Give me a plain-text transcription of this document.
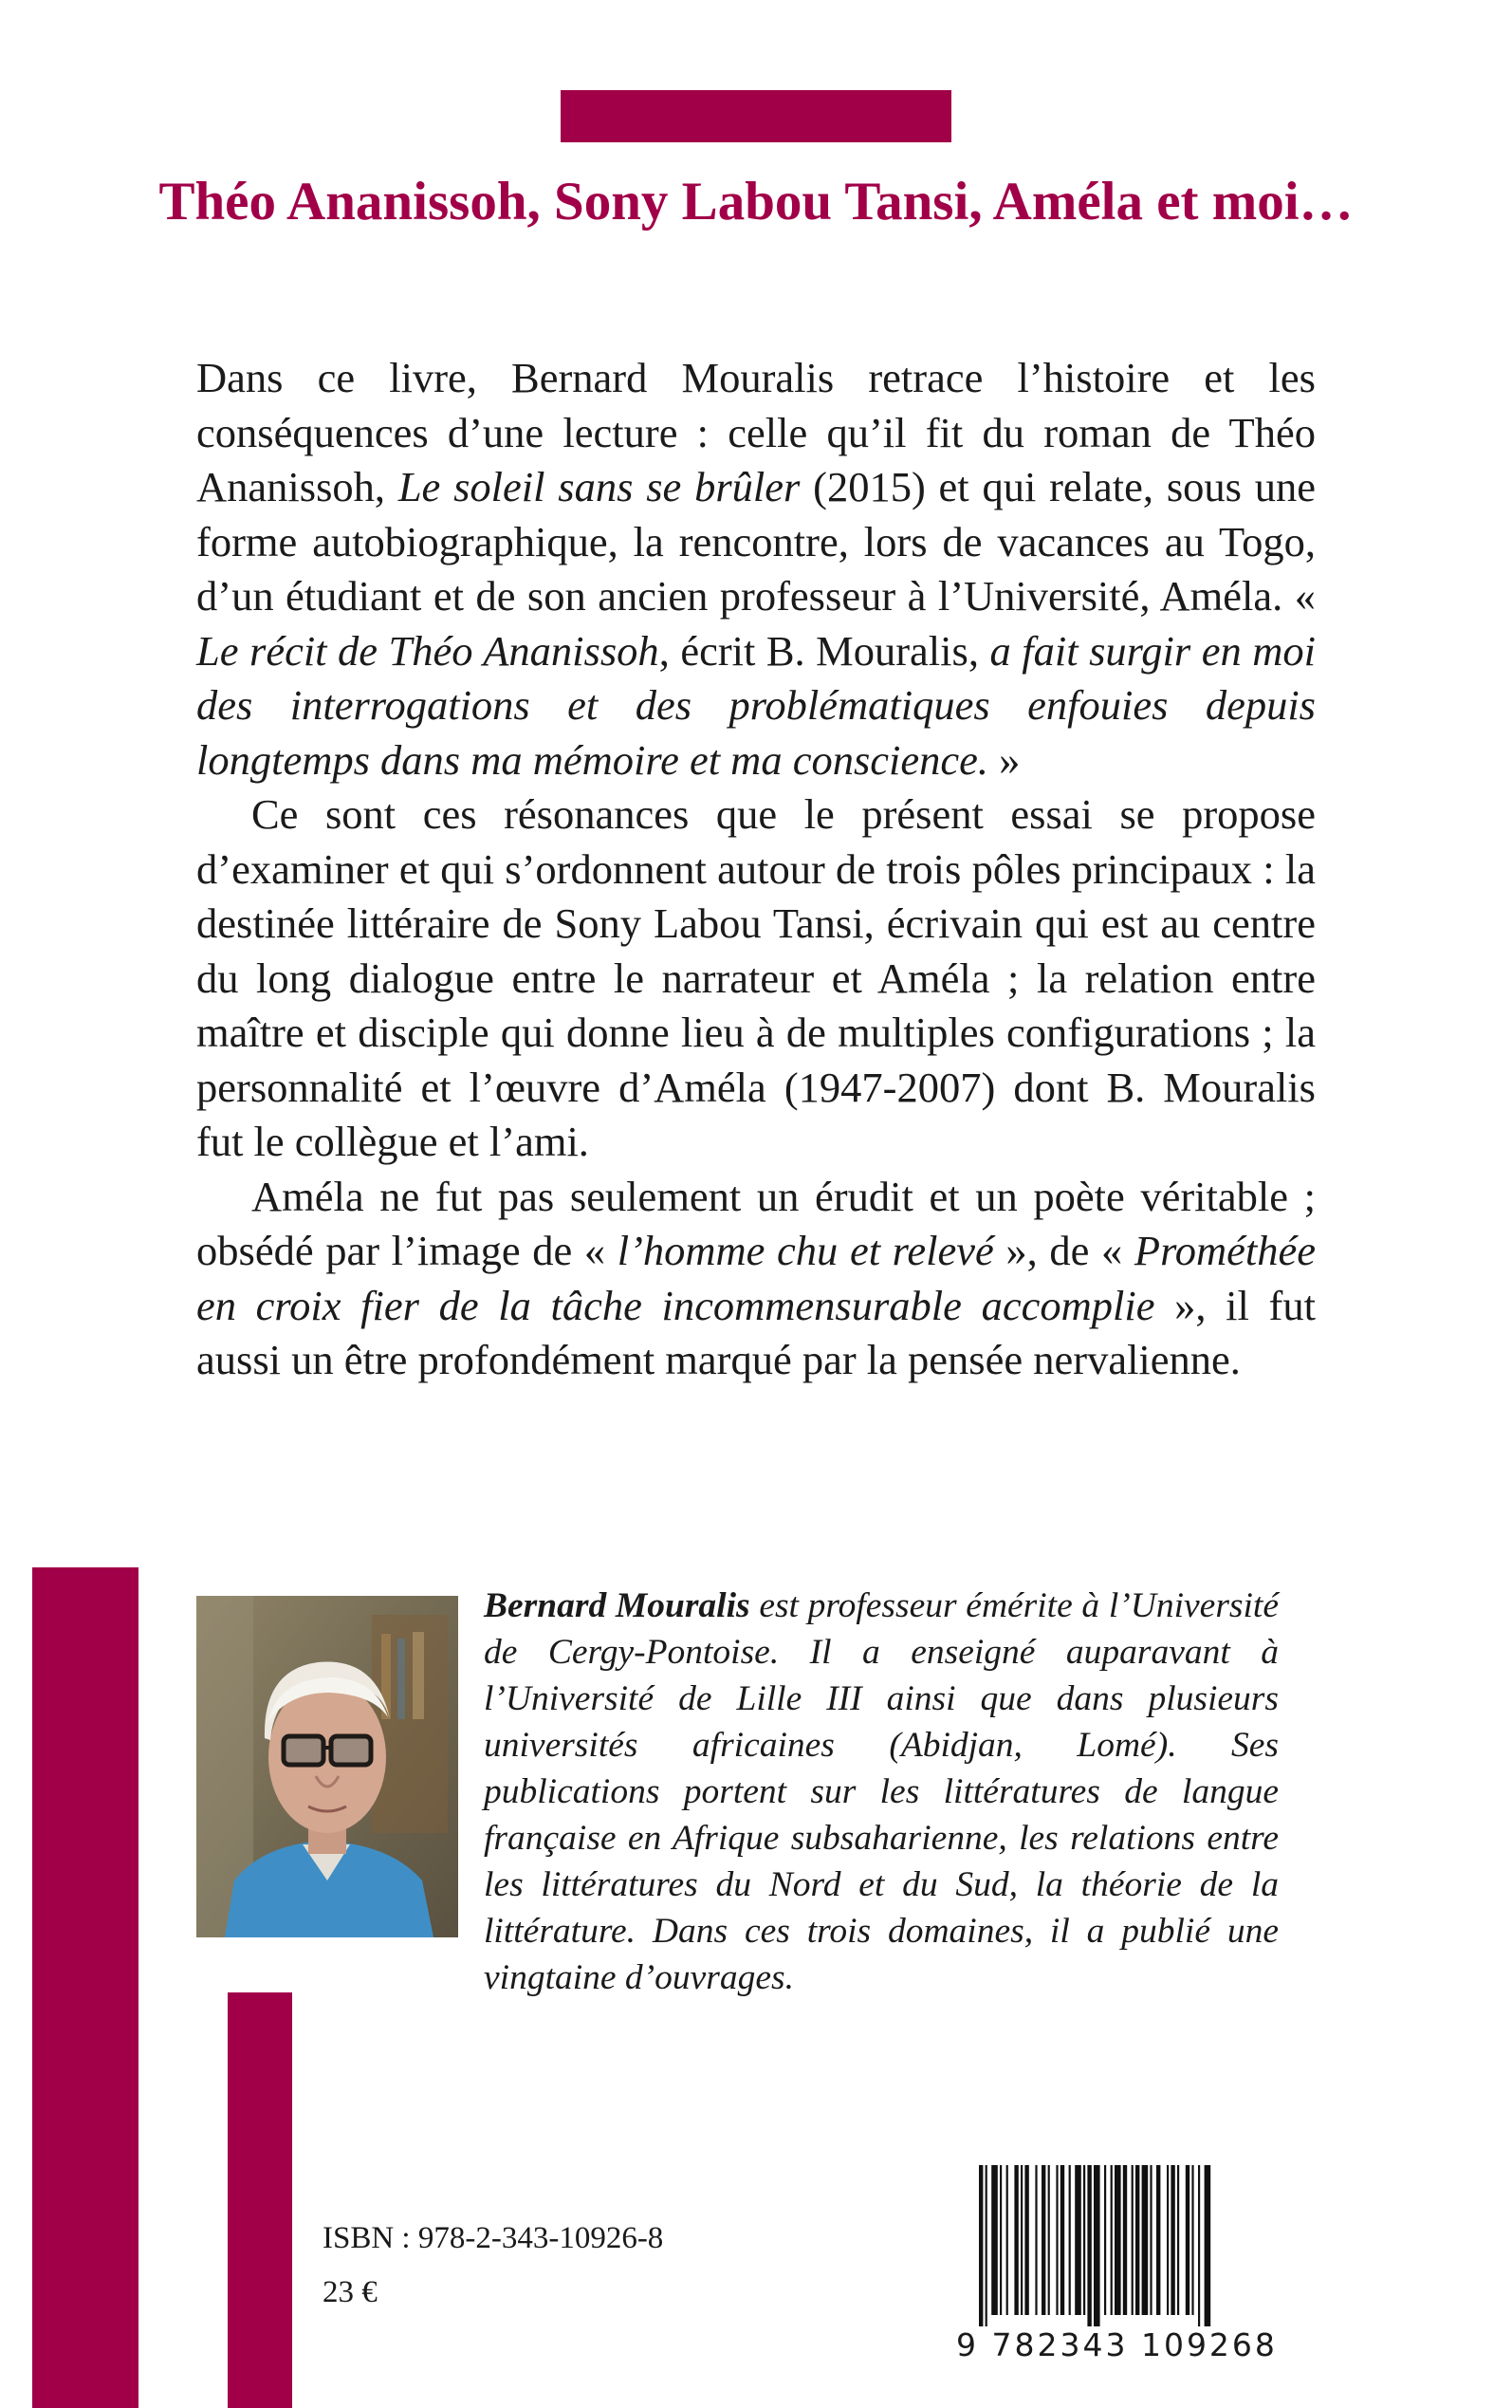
Théo Ananissoh, Sony Labou Tansi, Améla et moi…

Dans ce livre, Bernard Mouralis retrace l’histoire et les conséquences d’une lecture : celle qu’il fit du roman de Théo Ananissoh, Le soleil sans se brûler (2015) et qui relate, sous une forme autobiographique, la rencontre, lors de vacances au Togo, d’un étudiant et de son ancien professeur à l’Université, Améla. « Le récit de Théo Ananissoh, écrit B. Mouralis, a fait surgir en moi des interrogations et des problématiques enfouies depuis longtemps dans ma mémoire et ma conscience. »

Ce sont ces résonances que le présent essai se propose d’examiner et qui s’ordonnent autour de trois pôles principaux : la destinée littéraire de Sony Labou Tansi, écrivain qui est au centre du long dialogue entre le narrateur et Améla ; la relation entre maître et disciple qui donne lieu à de multiples configurations ; la personnalité et l’œuvre d’Améla (1947-2007) dont B. Mouralis fut le collègue et l’ami.

Améla ne fut pas seulement un érudit et un poète véritable ; obsédé par l’image de « l’homme chu et relevé », de « Prométhée en croix fier de la tâche incommensurable accomplie », il fut aussi un être profondément marqué par la pensée nervalienne.

Bernard Mouralis est professeur émérite à l’Université de Cergy-Pontoise. Il a enseigné auparavant à l’Université de Lille III ainsi que dans plusieurs universités africaines (Abidjan, Lomé). Ses publications portent sur les littératures de langue française en Afrique subsaharienne, les relations entre les littératures du Nord et du Sud, la théorie de la littérature. Dans ces trois domaines, il a publié une vingtaine d’ouvrages.
ISBN : 978-2-343-10926-8
23 €
9 782343 109268
